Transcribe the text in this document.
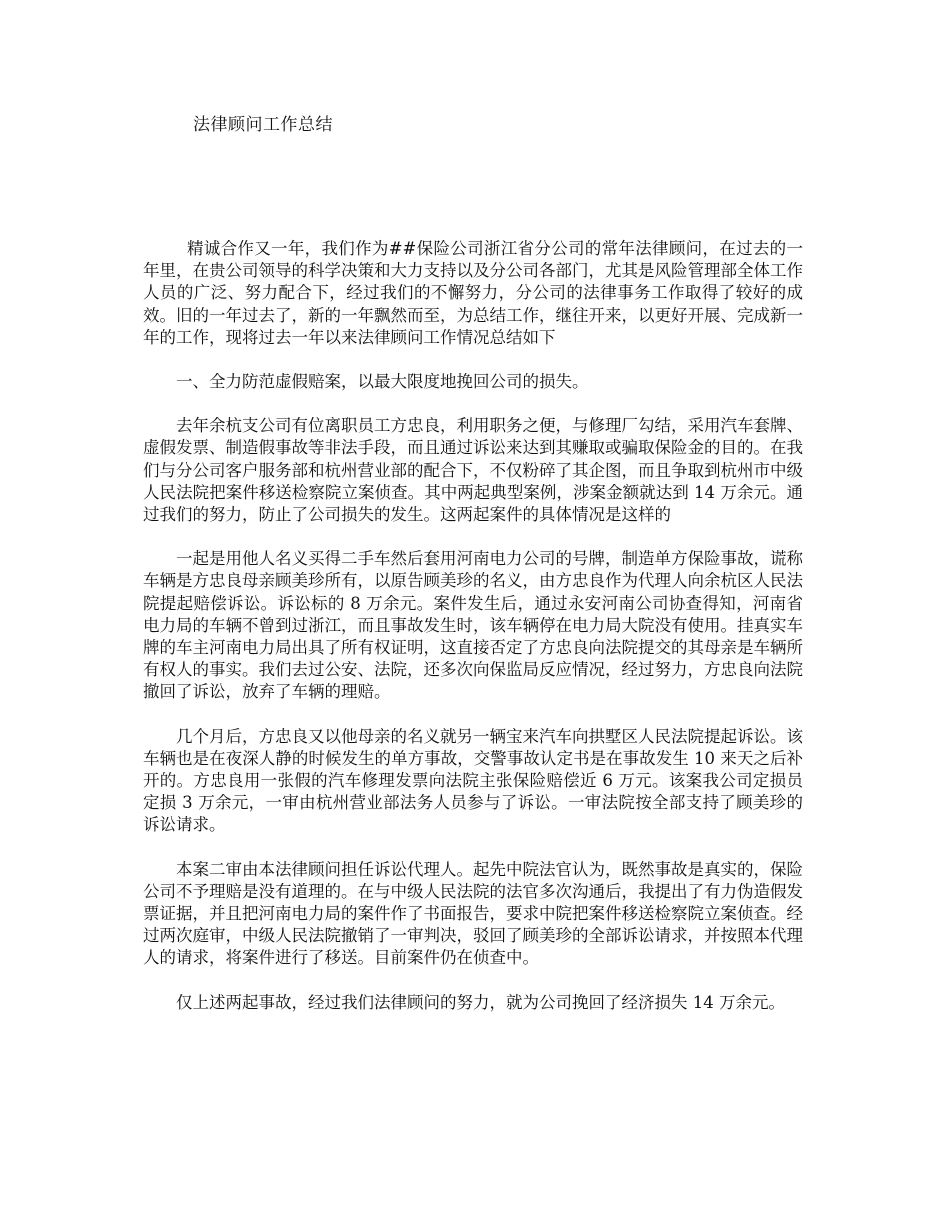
法律顾问工作总结

精诚合作又一年，我们作为##保险公司浙江省分公司的常年法律顾问，在过去的一年里，在贵公司领导的科学决策和大力支持以及分公司各部门，尤其是风险管理部全体工作人员的广泛、努力配合下，经过我们的不懈努力，分公司的法律事务工作取得了较好的成效。旧的一年过去了，新的一年飘然而至，为总结工作，继往开来，以更好开展、完成新一年的工作，现将过去一年以来法律顾问工作情况总结如下

一、全力防范虚假赔案，以最大限度地挽回公司的损失。

去年余杭支公司有位离职员工方忠良，利用职务之便，与修理厂勾结，采用汽车套牌、虚假发票、制造假事故等非法手段，而且通过诉讼来达到其赚取或骗取保险金的目的。在我们与分公司客户服务部和杭州营业部的配合下，不仅粉碎了其企图，而且争取到杭州市中级人民法院把案件移送检察院立案侦查。其中两起典型案例，涉案金额就达到 14 万余元。通过我们的努力，防止了公司损失的发生。这两起案件的具体情况是这样的

一起是用他人名义买得二手车然后套用河南电力公司的号牌，制造单方保险事故，谎称车辆是方忠良母亲顾美珍所有，以原告顾美珍的名义，由方忠良作为代理人向余杭区人民法院提起赔偿诉讼。诉讼标的 8 万余元。案件发生后，通过永安河南公司协查得知，河南省电力局的车辆不曾到过浙江，而且事故发生时，该车辆停在电力局大院没有使用。挂真实车牌的车主河南电力局出具了所有权证明，这直接否定了方忠良向法院提交的其母亲是车辆所有权人的事实。我们去过公安、法院，还多次向保监局反应情况，经过努力，方忠良向法院撤回了诉讼，放弃了车辆的理赔。

几个月后，方忠良又以他母亲的名义就另一辆宝来汽车向拱墅区人民法院提起诉讼。该车辆也是在夜深人静的时候发生的单方事故，交警事故认定书是在事故发生 10 来天之后补开的。方忠良用一张假的汽车修理发票向法院主张保险赔偿近 6 万元。该案我公司定损员定损 3 万余元，一审由杭州营业部法务人员参与了诉讼。一审法院按全部支持了顾美珍的诉讼请求。

本案二审由本法律顾问担任诉讼代理人。起先中院法官认为，既然事故是真实的，保险公司不予理赔是没有道理的。在与中级人民法院的法官多次沟通后，我提出了有力伪造假发票证据，并且把河南电力局的案件作了书面报告，要求中院把案件移送检察院立案侦查。经过两次庭审，中级人民法院撤销了一审判决，驳回了顾美珍的全部诉讼请求，并按照本代理人的请求，将案件进行了移送。目前案件仍在侦查中。

仅上述两起事故，经过我们法律顾问的努力，就为公司挽回了经济损失 14 万余元。
